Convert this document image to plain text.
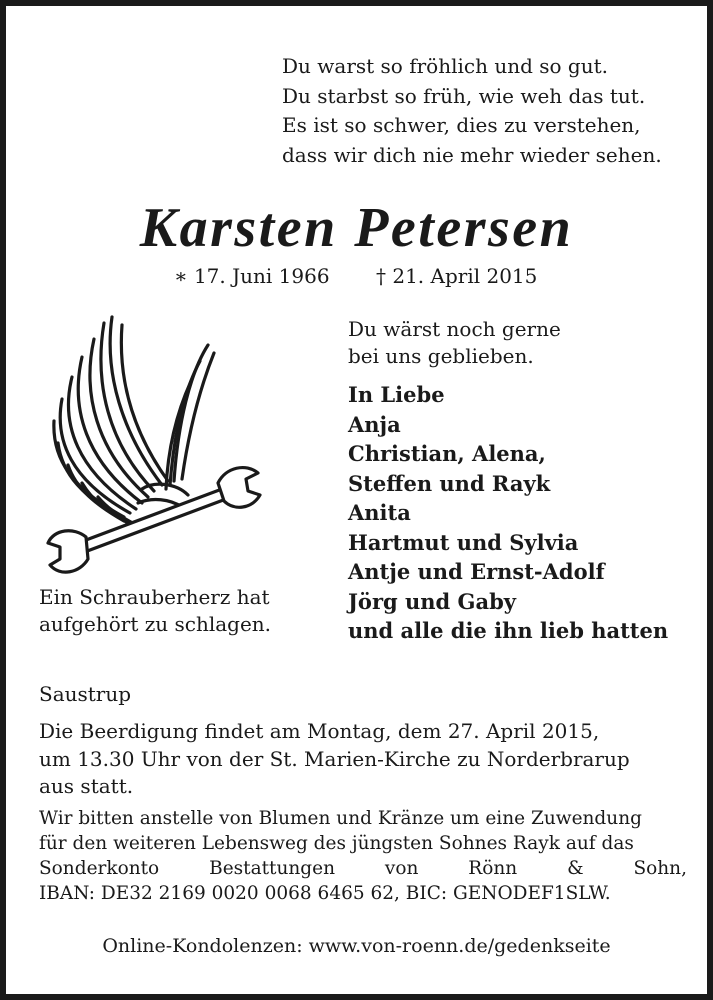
Du warst so fröhlich und so gut.
Du starbst so früh, wie weh das tut.
Es ist so schwer, dies zu verstehen,
dass wir dich nie mehr wieder sehen.
Karsten Petersen
∗ 17. Juni 1966 † 21. April 2015
Ein Schrauberherz hat
aufgehört zu schlagen.
Du wärst noch gerne
bei uns geblieben.
In Liebe
Anja
Christian, Alena,
Steffen und Rayk
Anita
Hartmut und Sylvia
Antje und Ernst-Adolf
Jörg und Gaby
und alle die ihn lieb hatten
Saustrup
Die Beerdigung findet am Montag, dem 27. April 2015,
um 13.30 Uhr von der St. Marien-Kirche zu Norderbrarup
aus statt.
Wir bitten anstelle von Blumen und Kränze um eine Zuwendung
für den weiteren Lebensweg des jüngsten Sohnes Rayk auf das
Sonderkonto	Bestattungen	von	Rönn	&	Sohn,
IBAN: DE32 2169 0020 0068 6465 62, BIC: GENODEF1SLW.
Online-Kondolenzen: www.von-roenn.de/gedenkseite
